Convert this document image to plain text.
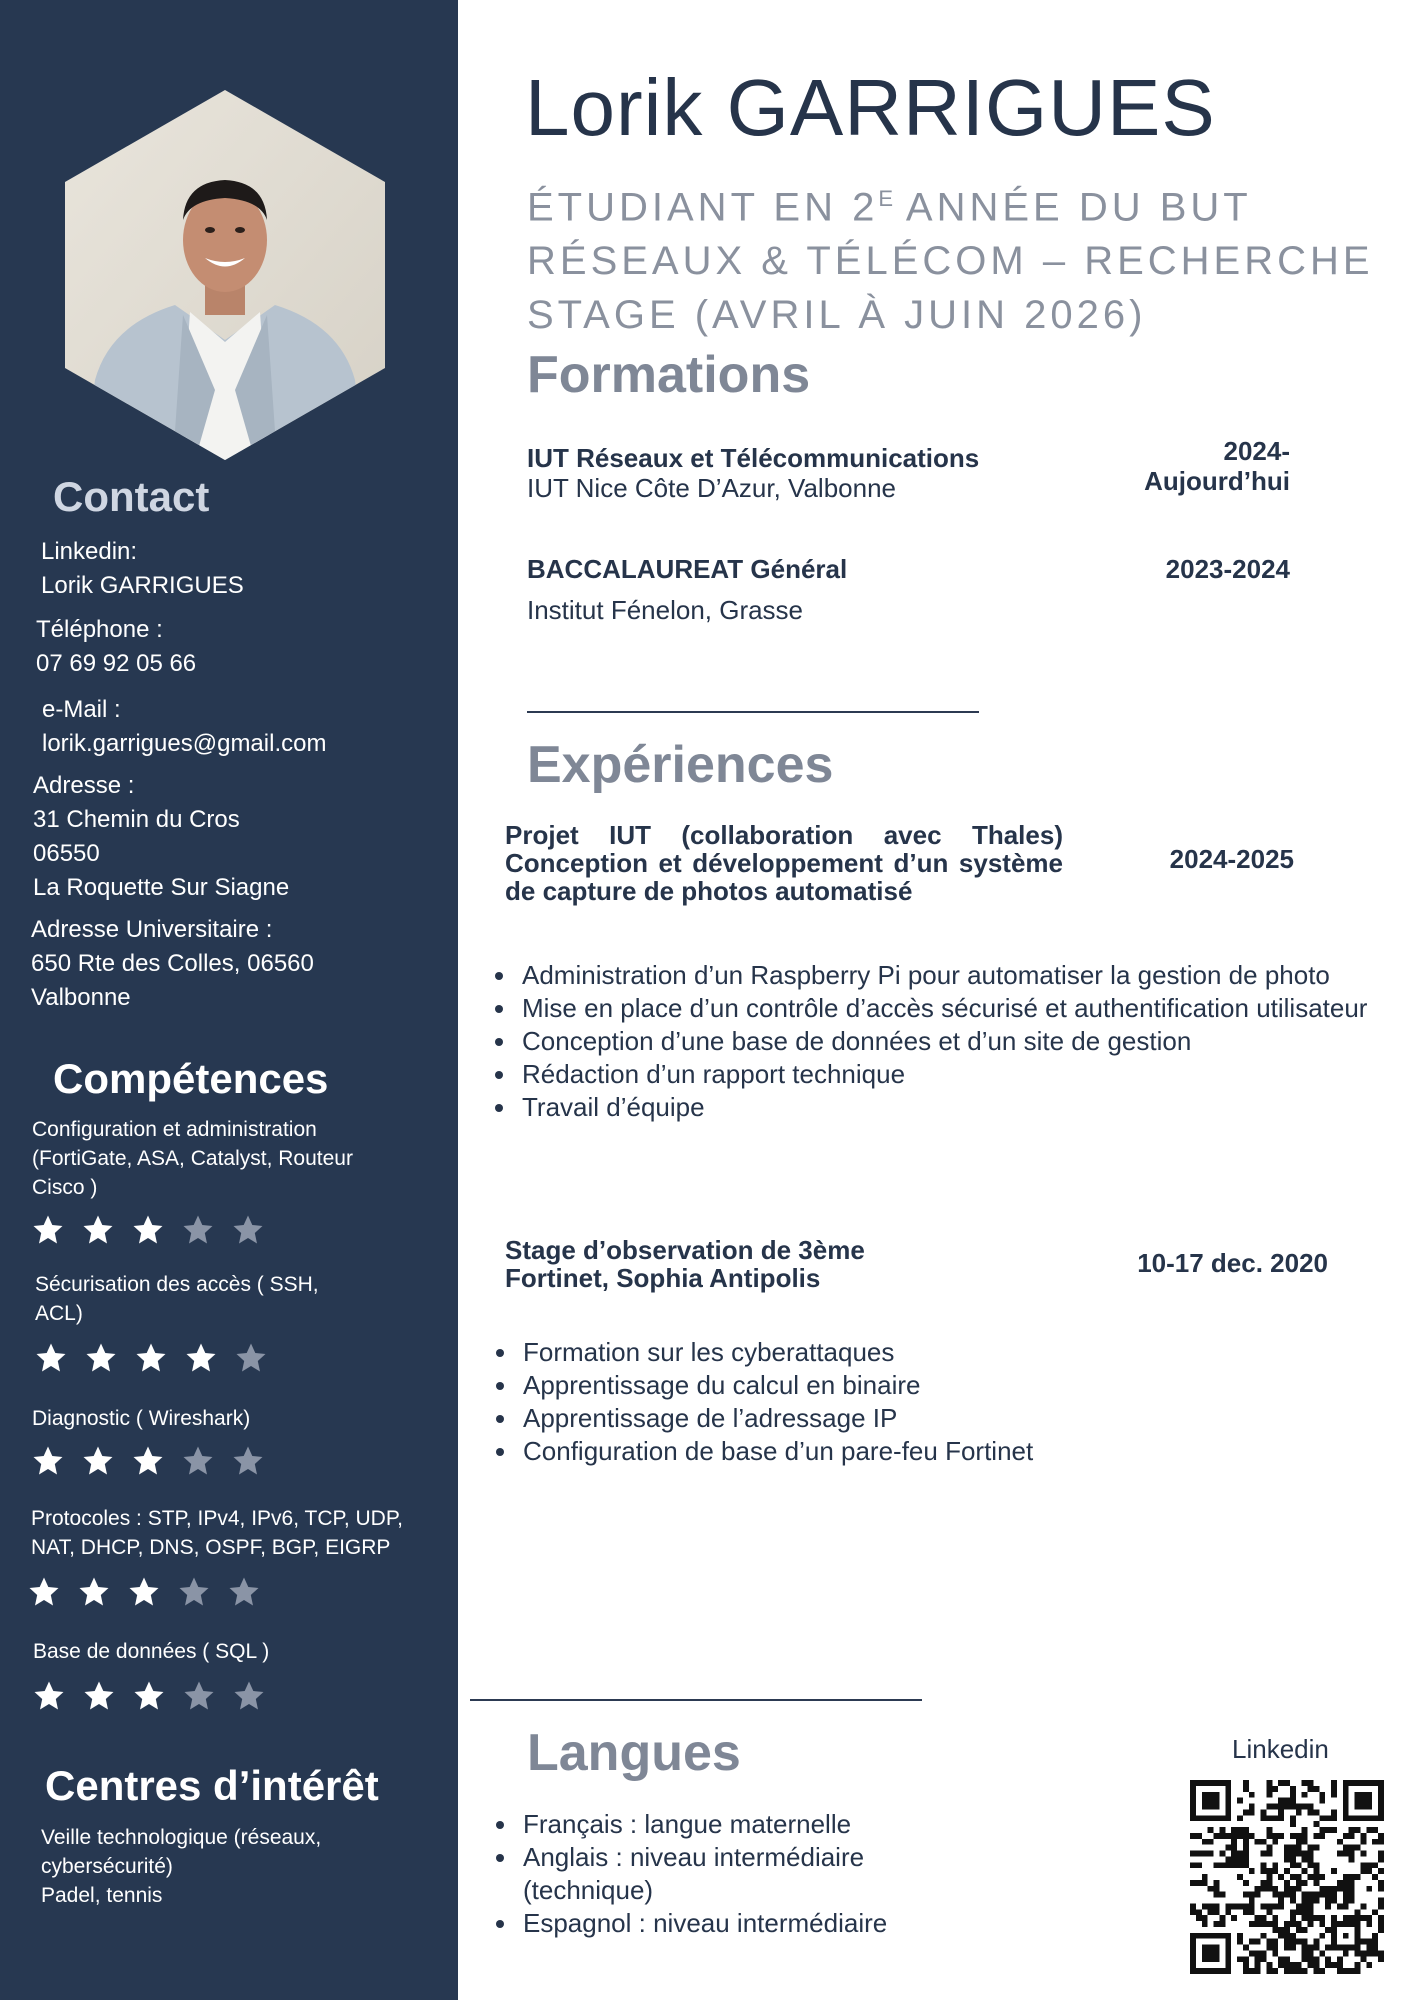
Contact
Linkedin:
Lorik GARRIGUES
Téléphone :
07 69 92 05 66
e-Mail :
lorik.garrigues@gmail.com
Adresse :
31 Chemin du Cros
06550
La Roquette Sur Siagne
Adresse Universitaire :
650 Rte des Colles, 06560
Valbonne
Compétences
Configuration et administration (FortiGate, ASA, Catalyst, Routeur Cisco )
Sécurisation des accès ( SSH, ACL)
Diagnostic ( Wireshark)
Protocoles : STP, IPv4, IPv6, TCP, UDP, NAT, DHCP, DNS, OSPF, BGP, EIGRP
Base de données ( SQL )
Centres d’intérêt
Veille technologique (réseaux, cybersécurité)
Padel, tennis
Lorik GARRIGUES
ÉTUDIANT EN $2^E$ ANNÉE DU BUT RÉSEAUX & TÉLÉCOM – RECHERCHE STAGE (AVRIL À JUIN 2026)
Formations
IUT Réseaux et Télécommunications
IUT Nice Côte D’Azur, Valbonne
2024-
Aujourd’hui
BACCALAUREAT Général
Institut Fénelon, Grasse
2023-2024
Expériences
Projet IUT (collaboration avec Thales) Conception et développement d’un système de capture de photos automatisé
2024-2025
• Administration d’un Raspberry Pi pour automatiser la gestion de photo
• Mise en place d’un contrôle d’accès sécurisé et authentification utilisateur
• Conception d’une base de données et d’un site de gestion
• Rédaction d’un rapport technique
• Travail d’équipe
Stage d’observation de 3ème
Fortinet, Sophia Antipolis	10-17 dec. 2020
• Formation sur les cyberattaques
• Apprentissage du calcul en binaire
• Apprentissage de l’adressage IP
• Configuration de base d’un pare-feu Fortinet
Langues
• Français : langue maternelle
• Anglais : niveau intermédiaire (technique)
• Espagnol : niveau intermédiaire
Linkedin
